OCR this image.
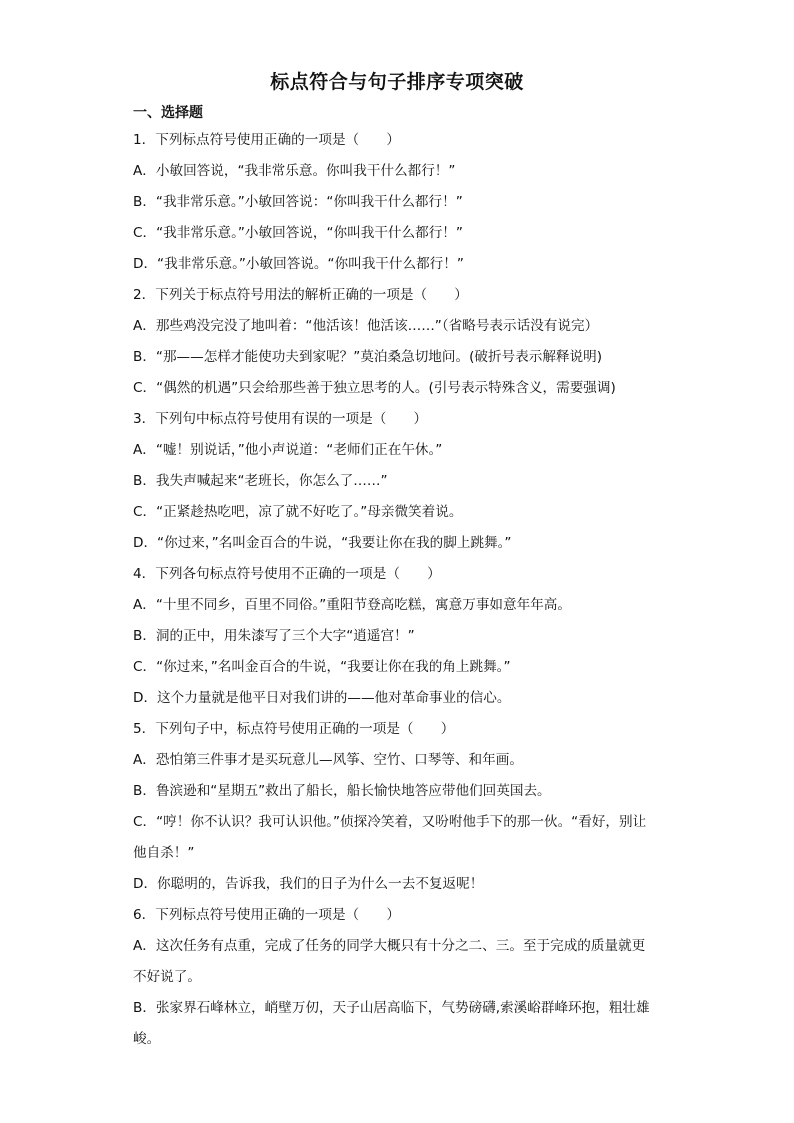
标点符合与句子排序专项突破
一、选择题
1．下列标点符号使用正确的一项是（　　）
A．小敏回答说，“我非常乐意。你叫我干什么都行！”
B．“我非常乐意。”小敏回答说：“你叫我干什么都行！”
C．“我非常乐意。”小敏回答说，“你叫我干什么都行！”
D．“我非常乐意。”小敏回答说。“你叫我干什么都行！”
2．下列关于标点符号用法的解析正确的一项是（　　）
A．那些鸡没完没了地叫着：“他活该！他活该……”（省略号表示话没有说完）
B．“那——怎样才能使功夫到家呢？”莫泊桑急切地问。(破折号表示解释说明)
C．“偶然的机遇”只会给那些善于独立思考的人。(引号表示特殊含义，需要强调)
3．下列句中标点符号使用有误的一项是（　　）
A．“嘘！别说话，”他小声说道：“老师们正在午休。”
B．我失声喊起来“老班长，你怎么了……”
C．“正紧趁热吃吧，凉了就不好吃了。”母亲微笑着说。
D．“你过来，”名叫金百合的牛说，“我要让你在我的脚上跳舞。”
4．下列各句标点符号使用不正确的一项是（　　）
A．“十里不同乡，百里不同俗。”重阳节登高吃糕，寓意万事如意年年高。
B．洞的正中，用朱漆写了三个大字“逍遥宫！”
C．“你过来，”名叫金百合的牛说，“我要让你在我的角上跳舞。”
D．这个力量就是他平日对我们讲的——他对革命事业的信心。
5．下列句子中，标点符号使用正确的一项是（　　）
A．恐怕第三件事才是买玩意儿—风筝、空竹、口琴等、和年画。
B．鲁滨逊和“星期五”救出了船长，船长愉快地答应带他们回英国去。
C．“哼！你不认识？我可认识他。”侦探冷笑着，又吩咐他手下的那一伙。“看好，别让
他自杀！”
D．你聪明的，告诉我，我们的日子为什么一去不复返呢！
6．下列标点符号使用正确的一项是（　　）
A．这次任务有点重，完成了任务的同学大概只有十分之二、三。至于完成的质量就更
不好说了。
B．张家界石峰林立，峭壁万仞，天子山居高临下，气势磅礴,索溪峪群峰环抱，粗壮雄
峻。
